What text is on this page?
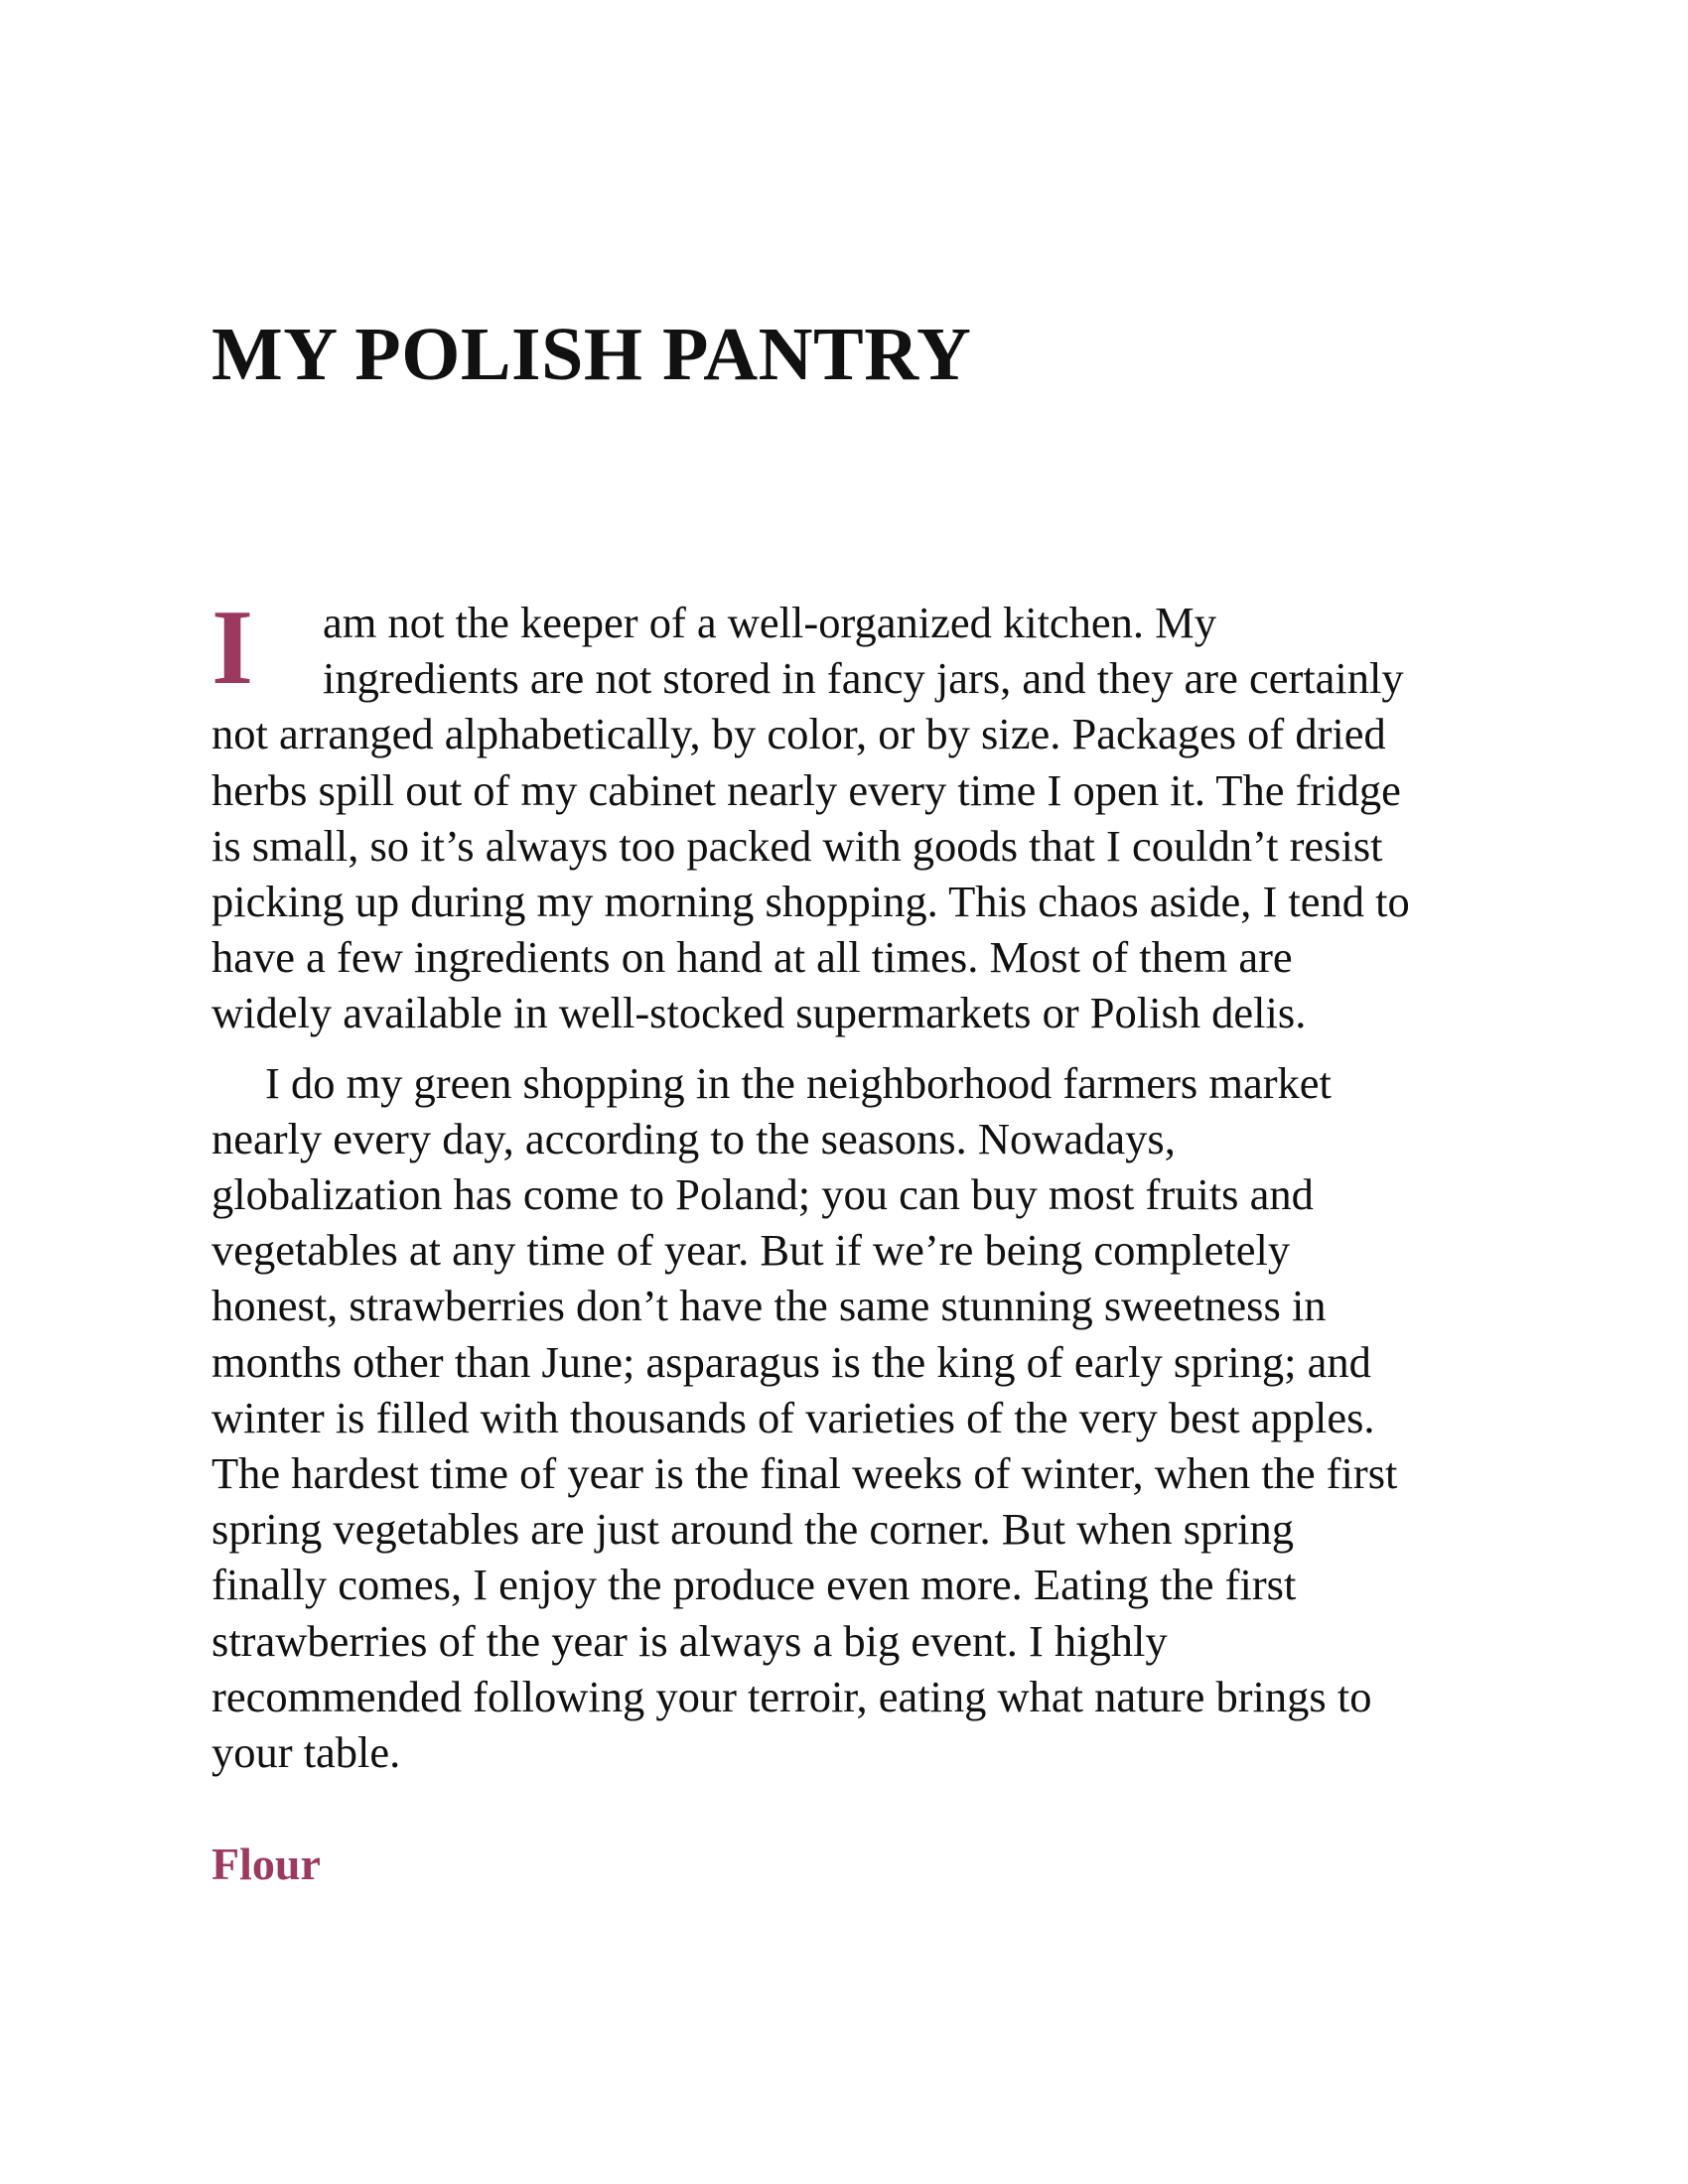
MY POLISH PANTRY
I	am not the keeper of a well-organized kitchen. My
ingredients are not stored in fancy jars, and they are certainly
not arranged alphabetically, by color, or by size. Packages of dried
herbs spill out of my cabinet nearly every time I open it. The fridge
is small, so it’s always too packed with goods that I couldn’t resist
picking up during my morning shopping. This chaos aside, I tend to
have a few ingredients on hand at all times. Most of them are
widely available in well-stocked supermarkets or Polish delis.
I do my green shopping in the neighborhood farmers market
nearly every day, according to the seasons. Nowadays,
globalization has come to Poland; you can buy most fruits and
vegetables at any time of year. But if we’re being completely
honest, strawberries don’t have the same stunning sweetness in
months other than June; asparagus is the king of early spring; and
winter is filled with thousands of varieties of the very best apples.
The hardest time of year is the final weeks of winter, when the first
spring vegetables are just around the corner. But when spring
finally comes, I enjoy the produce even more. Eating the first
strawberries of the year is always a big event. I highly
recommended following your terroir, eating what nature brings to
your table.
Flour
